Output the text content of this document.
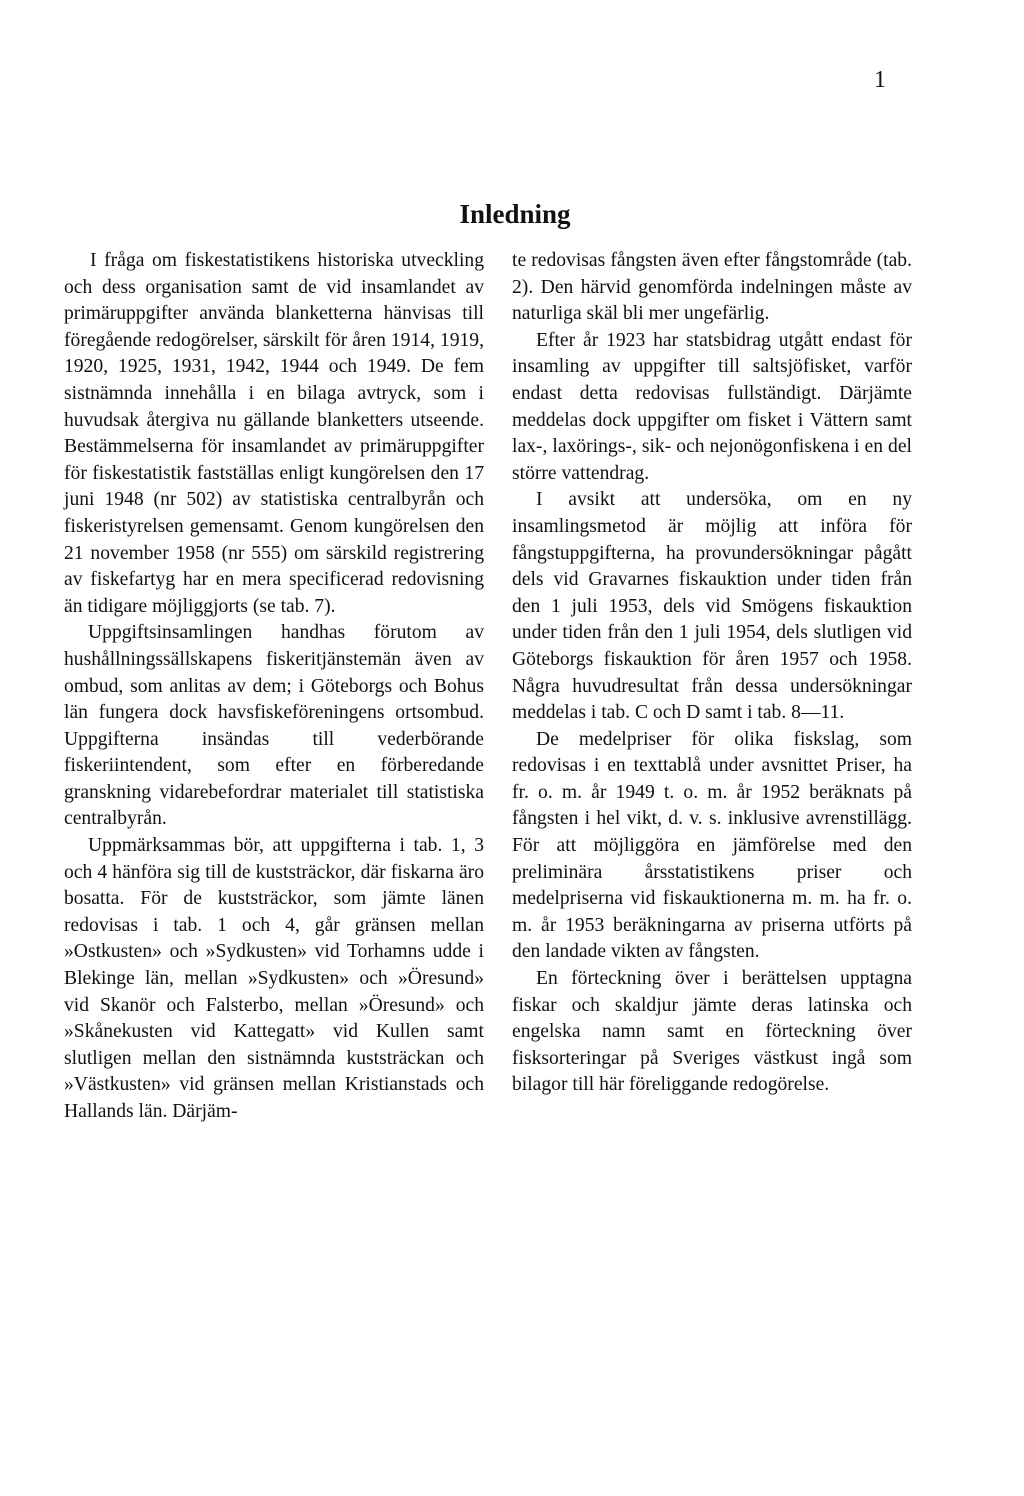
1
Inledning

I fråga om fiskestatistikens historiska utveckling och dess organisation samt de vid insamlandet av primäruppgifter använda blanketterna hänvisas till föregående redogörelser, särskilt för åren 1914, 1919, 1920, 1925, 1931, 1942, 1944 och 1949. De fem sistnämnda innehålla i en bilaga avtryck, som i huvudsak återgiva nu gällande blanketters utseende. Bestämmelserna för insamlandet av primäruppgifter för fiskestatistik fastställas enligt kungörelsen den 17 juni 1948 (nr 502) av statistiska centralbyrån och fiskeristyrelsen gemensamt. Genom kungörelsen den 21 november 1958 (nr 555) om särskild registrering av fiskefartyg har en mera specificerad redovisning än tidigare möjliggjorts (se tab. 7).

Uppgiftsinsamlingen handhas förutom av hushållningssällskapens fiskeritjänstemän även av ombud, som anlitas av dem; i Göteborgs och Bohus län fungera dock havsfiskeföreningens ortsombud. Uppgifterna insändas till vederbörande fiskeriintendent, som efter en förberedande granskning vidarebefordrar materialet till statistiska centralbyrån.

Uppmärksammas bör, att uppgifterna i tab. 1, 3 och 4 hänföra sig till de kuststräckor, där fiskarna äro bosatta. För de kuststräckor, som jämte länen redovisas i tab. 1 och 4, går gränsen mellan »Ostkusten» och »Sydkusten» vid Torhamns udde i Blekinge län, mellan »Sydkusten» och »Öresund» vid Skanör och Falsterbo, mellan »Öresund» och »Skånekusten vid Kattegatt» vid Kullen samt slutligen mellan den sistnämnda kuststräckan och »Västkusten» vid gränsen mellan Kristianstads och Hallands län. Därjäm-

te redovisas fångsten även efter fångstområde (tab. 2). Den härvid genomförda indelningen måste av naturliga skäl bli mer ungefärlig.

Efter år 1923 har statsbidrag utgått endast för insamling av uppgifter till saltsjöfisket, varför endast detta redovisas fullständigt. Därjämte meddelas dock uppgifter om fisket i Vättern samt lax-, laxörings-, sik- och nejonögonfiskena i en del större vattendrag.

I avsikt att undersöka, om en ny insamlingsmetod är möjlig att införa för fångstuppgifterna, ha provundersökningar pågått dels vid Gravarnes fiskauktion under tiden från den 1 juli 1953, dels vid Smögens fiskauktion under tiden från den 1 juli 1954, dels slutligen vid Göteborgs fiskauktion för åren 1957 och 1958. Några huvudresultat från dessa undersökningar meddelas i tab. C och D samt i tab. 8—11.

De medelpriser för olika fiskslag, som redovisas i en texttablå under avsnittet Priser, ha fr. o. m. år 1949 t. o. m. år 1952 beräknats på fångsten i hel vikt, d. v. s. inklusive avrenstillägg. För att möjliggöra en jämförelse med den preliminära årsstatistikens priser och medelpriserna vid fiskauktionerna m. m. ha fr. o. m. år 1953 beräkningarna av priserna utförts på den landade vikten av fångsten.

En förteckning över i berättelsen upptagna fiskar och skaldjur jämte deras latinska och engelska namn samt en förteckning över fisksorteringar på Sveriges västkust ingå som bilagor till här föreliggande redogörelse.
